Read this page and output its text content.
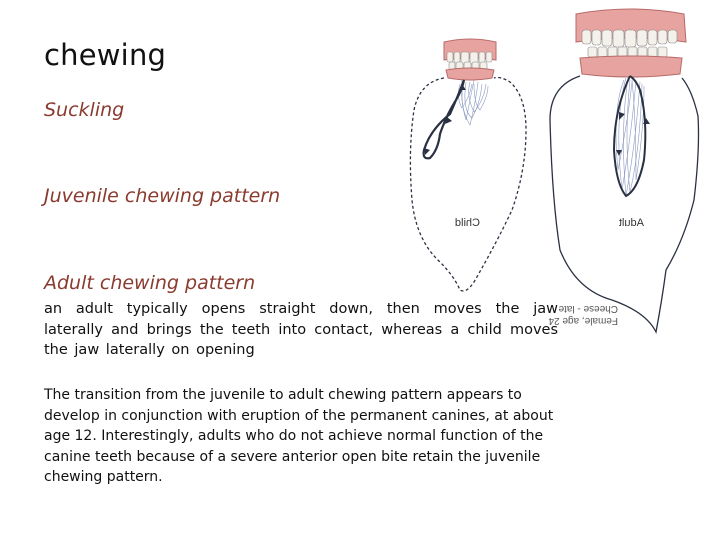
chewing
Suckling
Juvenile chewing pattern
Adult chewing pattern
an adult typically opens straight down, then moves the jaw laterally and brings the teeth into contact, whereas a child moves the jaw laterally on opening
The transition from the juvenile to adult chewing pattern appears to develop in conjunction with eruption of the permanent canines, at about age 12. Interestingly, adults who do not achieve normal function of the canine teeth because of a severe anterior open bite retain the juvenile chewing pattern.
Child	Adult
Cheese - late
Female, age 24
